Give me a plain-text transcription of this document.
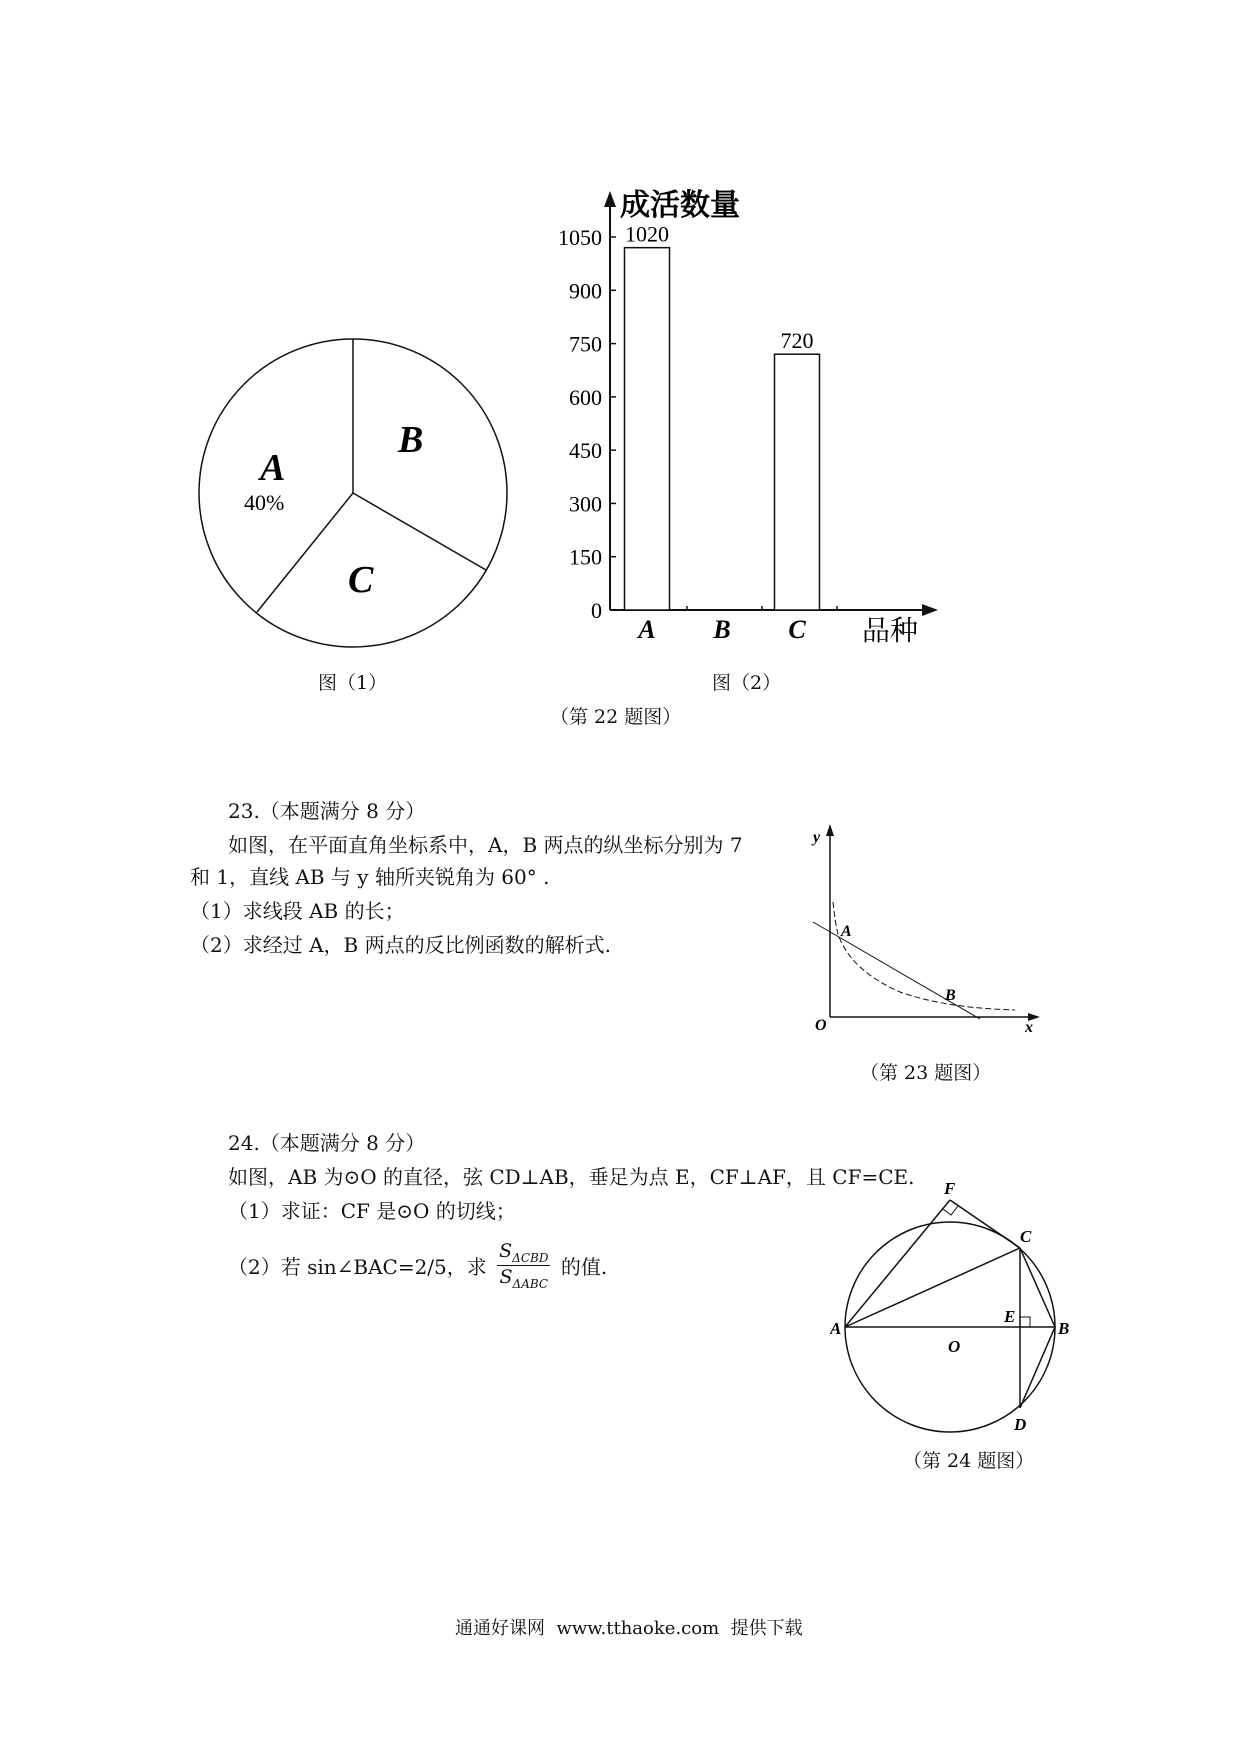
A
40%
B
C
图（1）
成活数量
品种
0
150
300
450
600
750
900
1050 1020
A B
720
C
图（2）
（第 22 题图）
23.（本题满分 8 分）
如图，在平面直角坐标系中，A，B 两点的纵坐标分别为 7
和 1，直线 AB 与 y 轴所夹锐角为 60° .
（1）求线段 AB 的长；
（2）求经过 A，B 两点的反比例函数的解析式.
y
x
O
A
B
（第 23 题图）
24.（本题满分 8 分）
如图，AB 为⊙O 的直径，弦 CD⊥AB，垂足为点 E，CF⊥AF，且 CF=CE.
（1）求证：CF 是⊙O 的切线；
（2）若 sin∠BAC=2/5，求 $\frac{S_{\Delta CBD}}{S_{\Delta ABC}}$ 的值.
F
C
A
O
E
B
D
（第 24 题图）
通通好课网  www.tthaoke.com  提供下载
